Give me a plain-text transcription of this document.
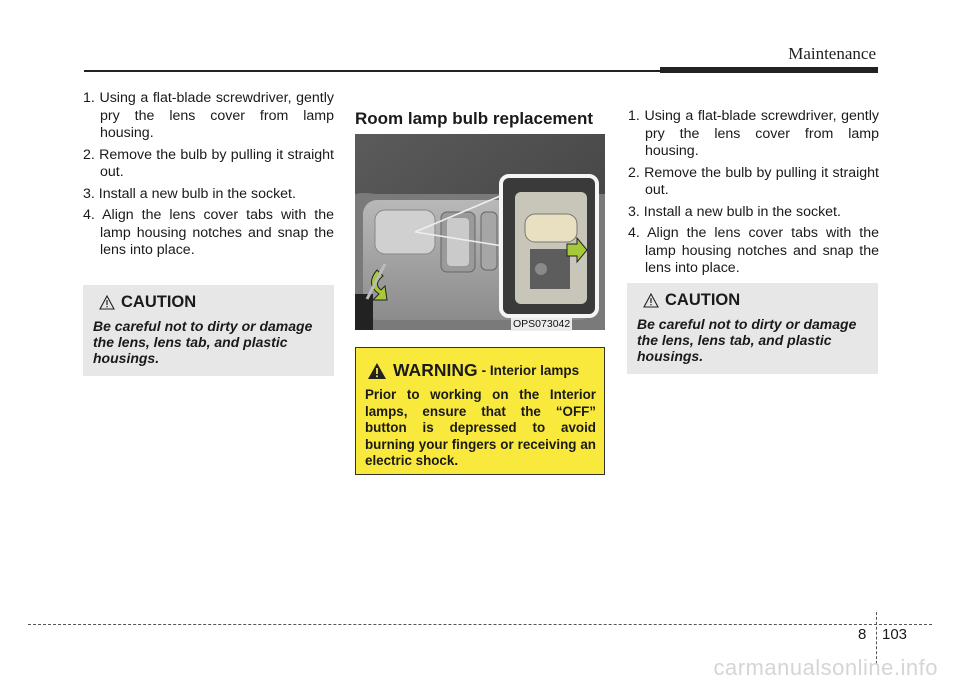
Maintenance
1. Using a flat-blade screwdriver, gently pry the lens cover from lamp housing.
2. Remove the bulb by pulling it straight out.
3. Install a new bulb in the socket.
4. Align the lens cover tabs with the lamp housing notches and snap the lens into place.
CAUTION
Be careful not to dirty or damage the lens, lens tab, and plastic housings.
Room lamp bulb replacement
OPS073042
WARNING - Interior lamps
Prior to working on the Interior lamps, ensure that the “OFF” button is depressed to avoid burning your fingers or receiving an electric shock.
1. Using a flat-blade screwdriver, gently pry the lens cover from lamp housing.
2. Remove the bulb by pulling it straight out.
3. Install a new bulb in the socket.
4. Align the lens cover tabs with the lamp housing notches and snap the lens into place.
CAUTION
Be careful not to dirty or damage the lens, lens tab, and plastic housings.
8 103
carmanualsonline.info
